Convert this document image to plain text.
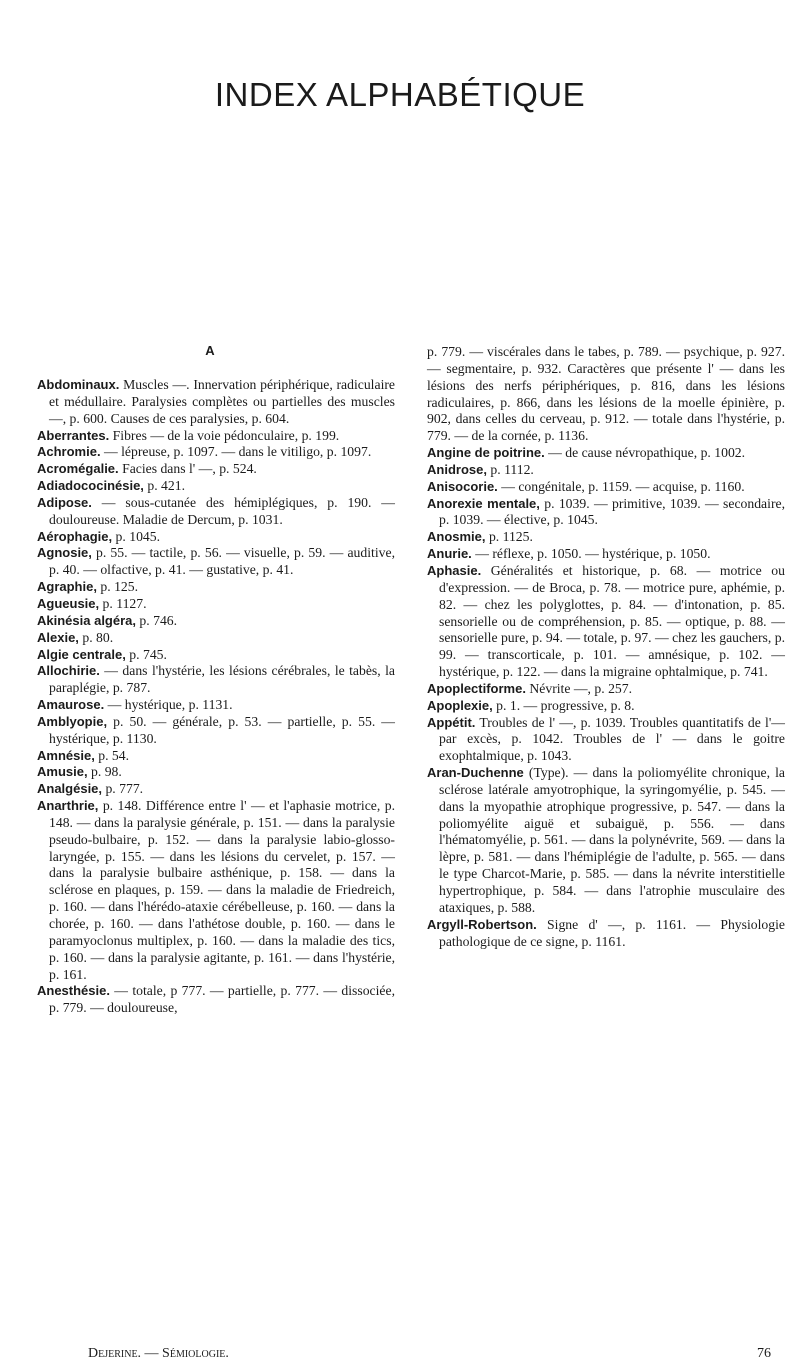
INDEX ALPHABÉTIQUE
A

Abdominaux. Muscles —. Innervation périphérique, radiculaire et médullaire. Paralysies complètes ou partielles des muscles —, p. 600. Causes de ces paralysies, p. 604.

Aberrantes. Fibres — de la voie pédonculaire, p. 199.

Achromie. — lépreuse, p. 1097. — dans le vitiligo, p. 1097.

Acromégalie. Facies dans l' —, p. 524.

Adiadococinésie, p. 421.

Adipose. — sous-cutanée des hémiplégiques, p. 190. — douloureuse. Maladie de Dercum, p. 1031.

Aérophagie, p. 1045.

Agnosie, p. 55. — tactile, p. 56. — visuelle, p. 59. — auditive, p. 40. — olfactive, p. 41. — gustative, p. 41.

Agraphie, p. 125.

Agueusie, p. 1127.

Akinésia algéra, p. 746.

Alexie, p. 80.

Algie centrale, p. 745.

Allochirie. — dans l'hystérie, les lésions cérébrales, le tabès, la paraplégie, p. 787.

Amaurose. — hystérique, p. 1131.

Amblyopie, p. 50. — générale, p. 53. — partielle, p. 55. — hystérique, p. 1130.

Amnésie, p. 54.

Amusie, p. 98.

Analgésie, p. 777.

Anarthrie, p. 148. Différence entre l' — et l'aphasie motrice, p. 148. — dans la paralysie générale, p. 151. — dans la paralysie pseudo-bulbaire, p. 152. — dans la paralysie labio-glosso-laryngée, p. 155. — dans les lésions du cervelet, p. 157. — dans la paralysie bulbaire asthénique, p. 158. — dans la sclérose en plaques, p. 159. — dans la maladie de Friedreich, p. 160. — dans l'hérédo-ataxie cérébelleuse, p. 160. — dans la chorée, p. 160. — dans l'athétose double, p. 160. — dans le paramyoclonus multiplex, p. 160. — dans la maladie des tics, p. 160. — dans la paralysie agitante, p. 161. — dans l'hystérie, p. 161.

Anesthésie. — totale, p 777. — partielle, p. 777. — dissociée, p. 779. — douloureuse,

p. 779. — viscérales dans le tabes, p. 789. — psychique, p. 927. — segmentaire, p. 932. Caractères que présente l' — dans les lésions des nerfs périphériques, p. 816, dans les lésions radiculaires, p. 866, dans les lésions de la moelle épinière, p. 902, dans celles du cerveau, p. 912. — totale dans l'hystérie, p. 779. — de la cornée, p. 1136.

Angine de poitrine. — de cause névropathique, p. 1002.

Anidrose, p. 1112.

Anisocorie. — congénitale, p. 1159. — acquise, p. 1160.

Anorexie mentale, p. 1039. — primitive, 1039. — secondaire, p. 1039. — élective, p. 1045.

Anosmie, p. 1125.

Anurie. — réflexe, p. 1050. — hystérique, p. 1050.

Aphasie. Généralités et historique, p. 68. — motrice ou d'expression. — de Broca, p. 78. — motrice pure, aphémie, p. 82. — chez les polyglottes, p. 84. — d'intonation, p. 85. sensorielle ou de compréhension, p. 85. — optique, p. 88. — sensorielle pure, p. 94. — totale, p. 97. — chez les gauchers, p. 99. — transcorticale, p. 101. — amnésique, p. 102. — hystérique, p. 122. — dans la migraine ophtalmique, p. 741.

Apoplectiforme. Névrite —, p. 257.

Apoplexie, p. 1. — progressive, p. 8.

Appétit. Troubles de l' —, p. 1039. Troubles quantitatifs de l'— par excès, p. 1042. Troubles de l' — dans le goitre exophtalmique, p. 1043.

Aran-Duchenne (Type). — dans la poliomyélite chronique, la sclérose latérale amyotrophique, la syringomyélie, p. 545. — dans la myopathie atrophique progressive, p. 547. — dans la poliomyélite aiguë et subaiguë, p. 556. — dans l'hématomyélie, p. 561. — dans la polynévrite, 569. — dans la lèpre, p. 581. — dans l'hémiplégie de l'adulte, p. 565. — dans le type Charcot-Marie, p. 585. — dans la névrite interstitielle hypertrophique, p. 584. — dans l'atrophie musculaire des ataxiques, p. 588.

Argyll-Robertson. Signe d' —, p. 1161. — Physiologie pathologique de ce signe, p. 1161.

Dejerine. — Sémiologie.	76
